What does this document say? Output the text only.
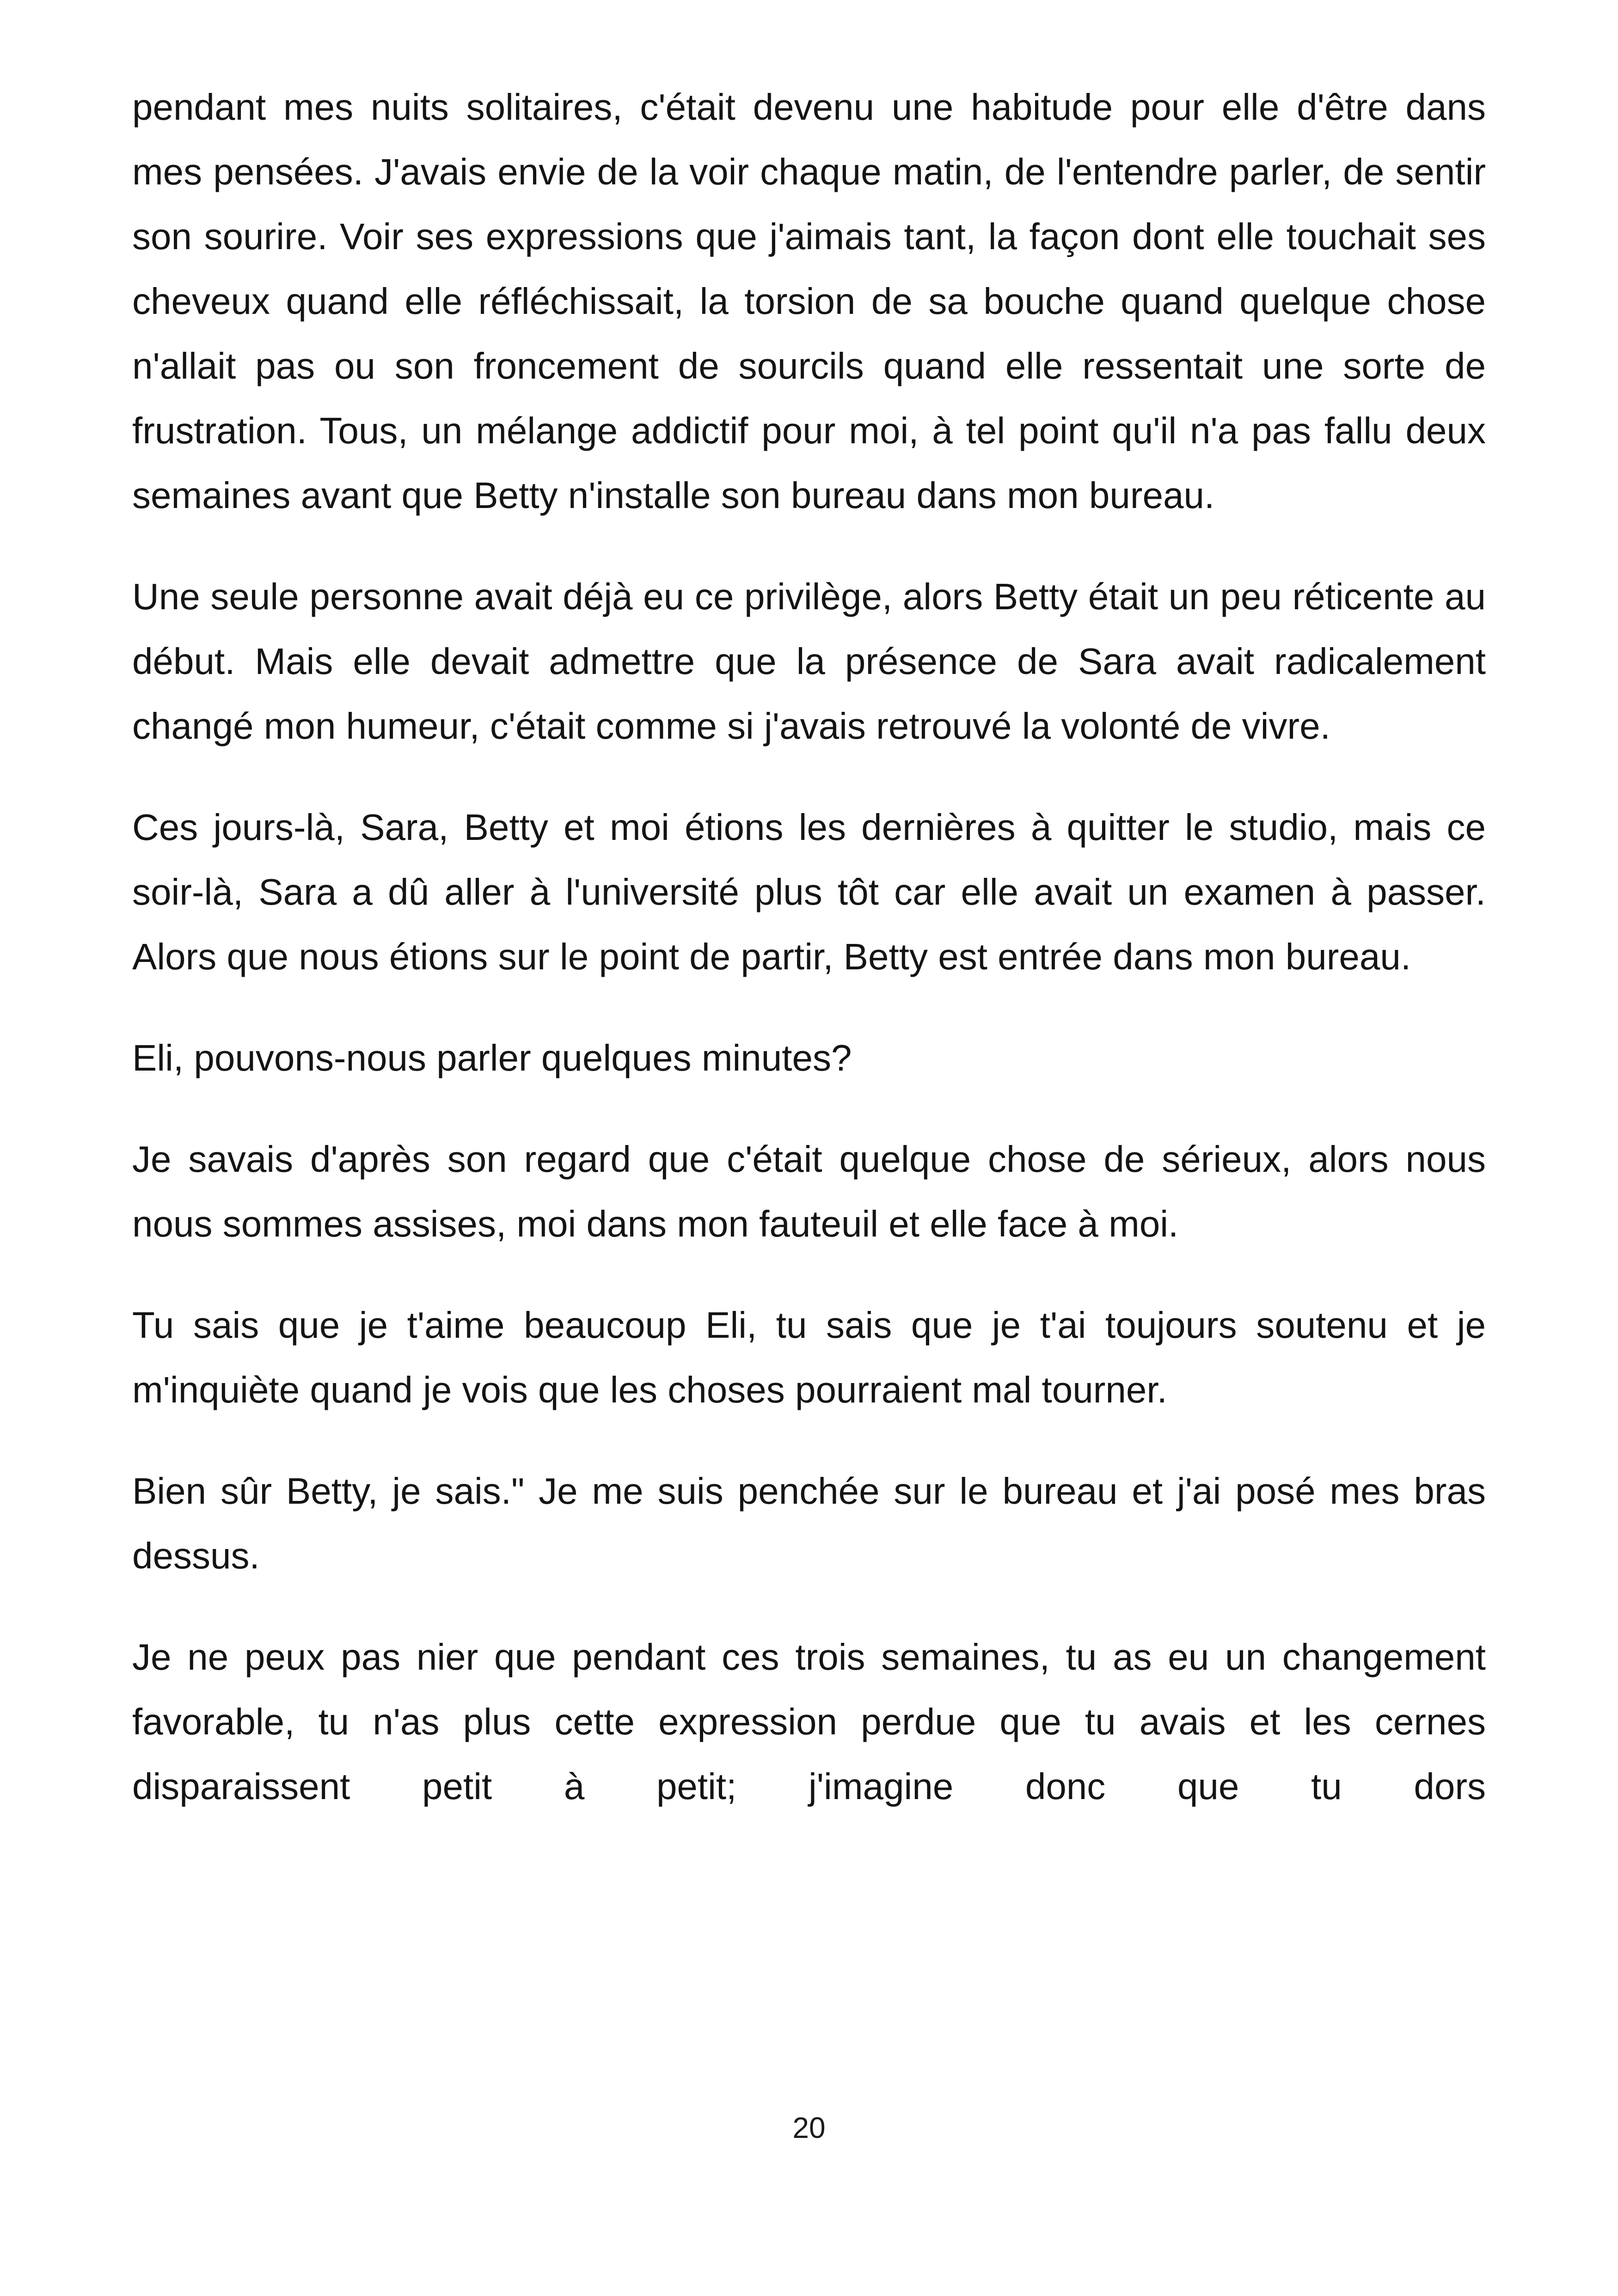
pendant mes nuits solitaires, c'était devenu une habitude pour elle d'être dans mes pensées. J'avais envie de la voir chaque matin, de l'entendre parler, de sentir son sourire. Voir ses expressions que j'aimais tant, la façon dont elle touchait ses cheveux quand elle réfléchissait, la torsion de sa bouche quand quelque chose n'allait pas ou son froncement de sourcils quand elle ressentait une sorte de frustration. Tous, un mélange addictif pour moi, à tel point qu'il n'a pas fallu deux semaines avant que Betty n'installe son bureau dans mon bureau.

Une seule personne avait déjà eu ce privilège, alors Betty était un peu réticente au début. Mais elle devait admettre que la présence de Sara avait radicalement changé mon humeur, c'était comme si j'avais retrouvé la volonté de vivre.

Ces jours-là, Sara, Betty et moi étions les dernières à quitter le studio, mais ce soir-là, Sara a dû aller à l'université plus tôt car elle avait un examen à passer. Alors que nous étions sur le point de partir, Betty est entrée dans mon bureau.

Eli, pouvons-nous parler quelques minutes?

Je savais d'après son regard que c'était quelque chose de sérieux, alors nous nous sommes assises, moi dans mon fauteuil et elle face à moi.

Tu sais que je t'aime beaucoup Eli, tu sais que je t'ai toujours soutenu et je m'inquiète quand je vois que les choses pourraient mal tourner.

Bien sûr Betty, je sais." Je me suis penchée sur le bureau et j'ai posé mes bras dessus.

Je ne peux pas nier que pendant ces trois semaines, tu as eu un changement favorable, tu n'as plus cette expression perdue que tu avais et les cernes disparaissent petit à petit; j'imagine donc que tu dors

20
